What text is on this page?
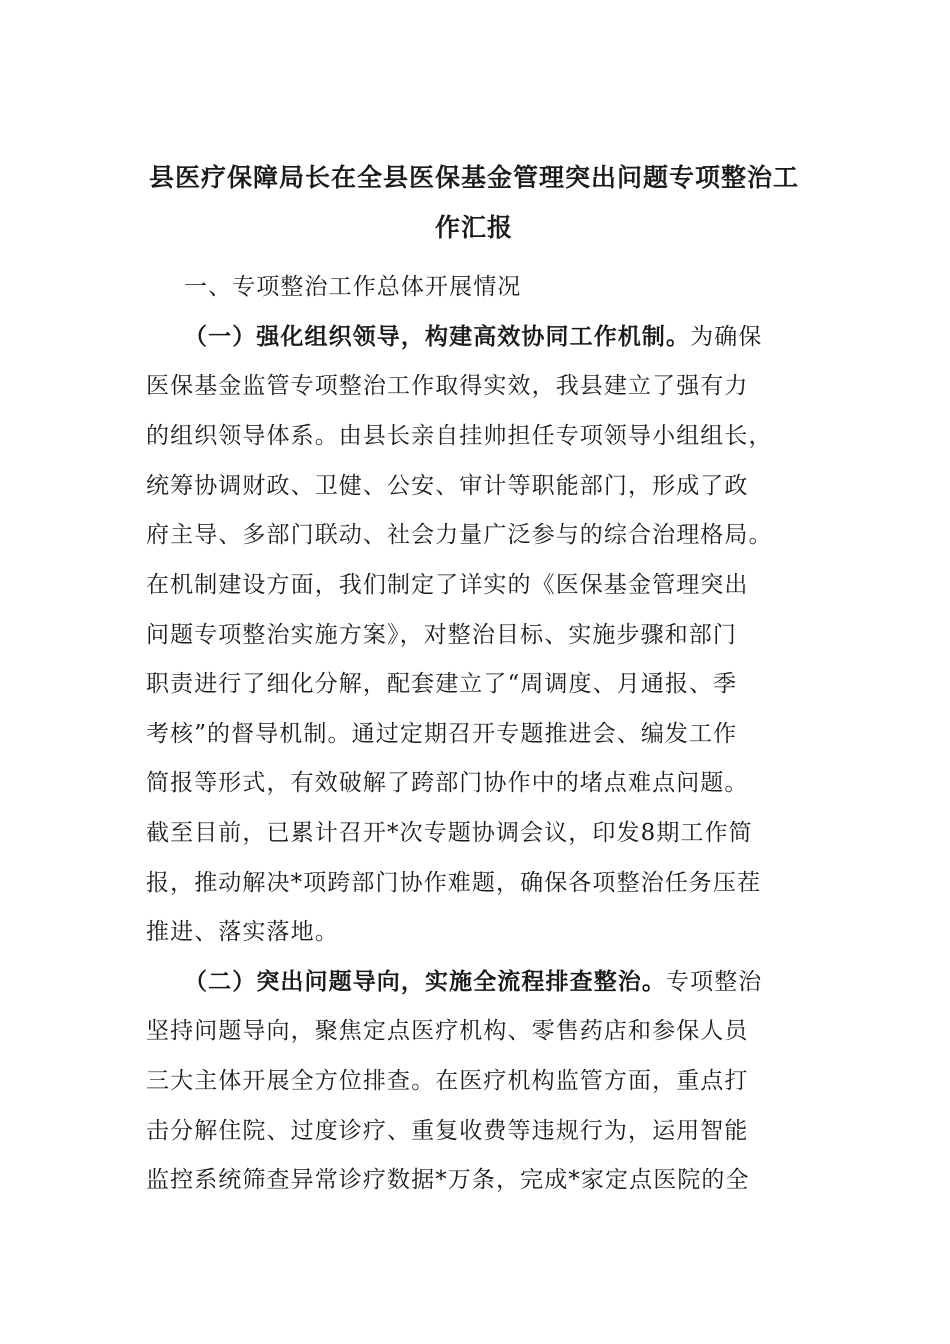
县医疗保障局长在全县医保基金管理突出问题专项整治工
作汇报
一、专项整治工作总体开展情况
（一）强化组织领导，构建高效协同工作机制。为确保
医保基金监管专项整治工作取得实效，我县建立了强有力
的组织领导体系。由县长亲自挂帅担任专项领导小组组长，
统筹协调财政、卫健、公安、审计等职能部门，形成了政
府主导、多部门联动、社会力量广泛参与的综合治理格局。
在机制建设方面，我们制定了详实的《医保基金管理突出
问题专项整治实施方案》，对整治目标、实施步骤和部门
职责进行了细化分解，配套建立了“周调度、月通报、季
考核”的督导机制。通过定期召开专题推进会、编发工作
简报等形式，有效破解了跨部门协作中的堵点难点问题。
截至目前，已累计召开*次专题协调会议，印发8期工作简
报，推动解决*项跨部门协作难题，确保各项整治任务压茬
推进、落实落地。
（二）突出问题导向，实施全流程排查整治。专项整治
坚持问题导向，聚焦定点医疗机构、零售药店和参保人员
三大主体开展全方位排查。在医疗机构监管方面，重点打
击分解住院、过度诊疗、重复收费等违规行为，运用智能
监控系统筛查异常诊疗数据*万条，完成*家定点医院的全
